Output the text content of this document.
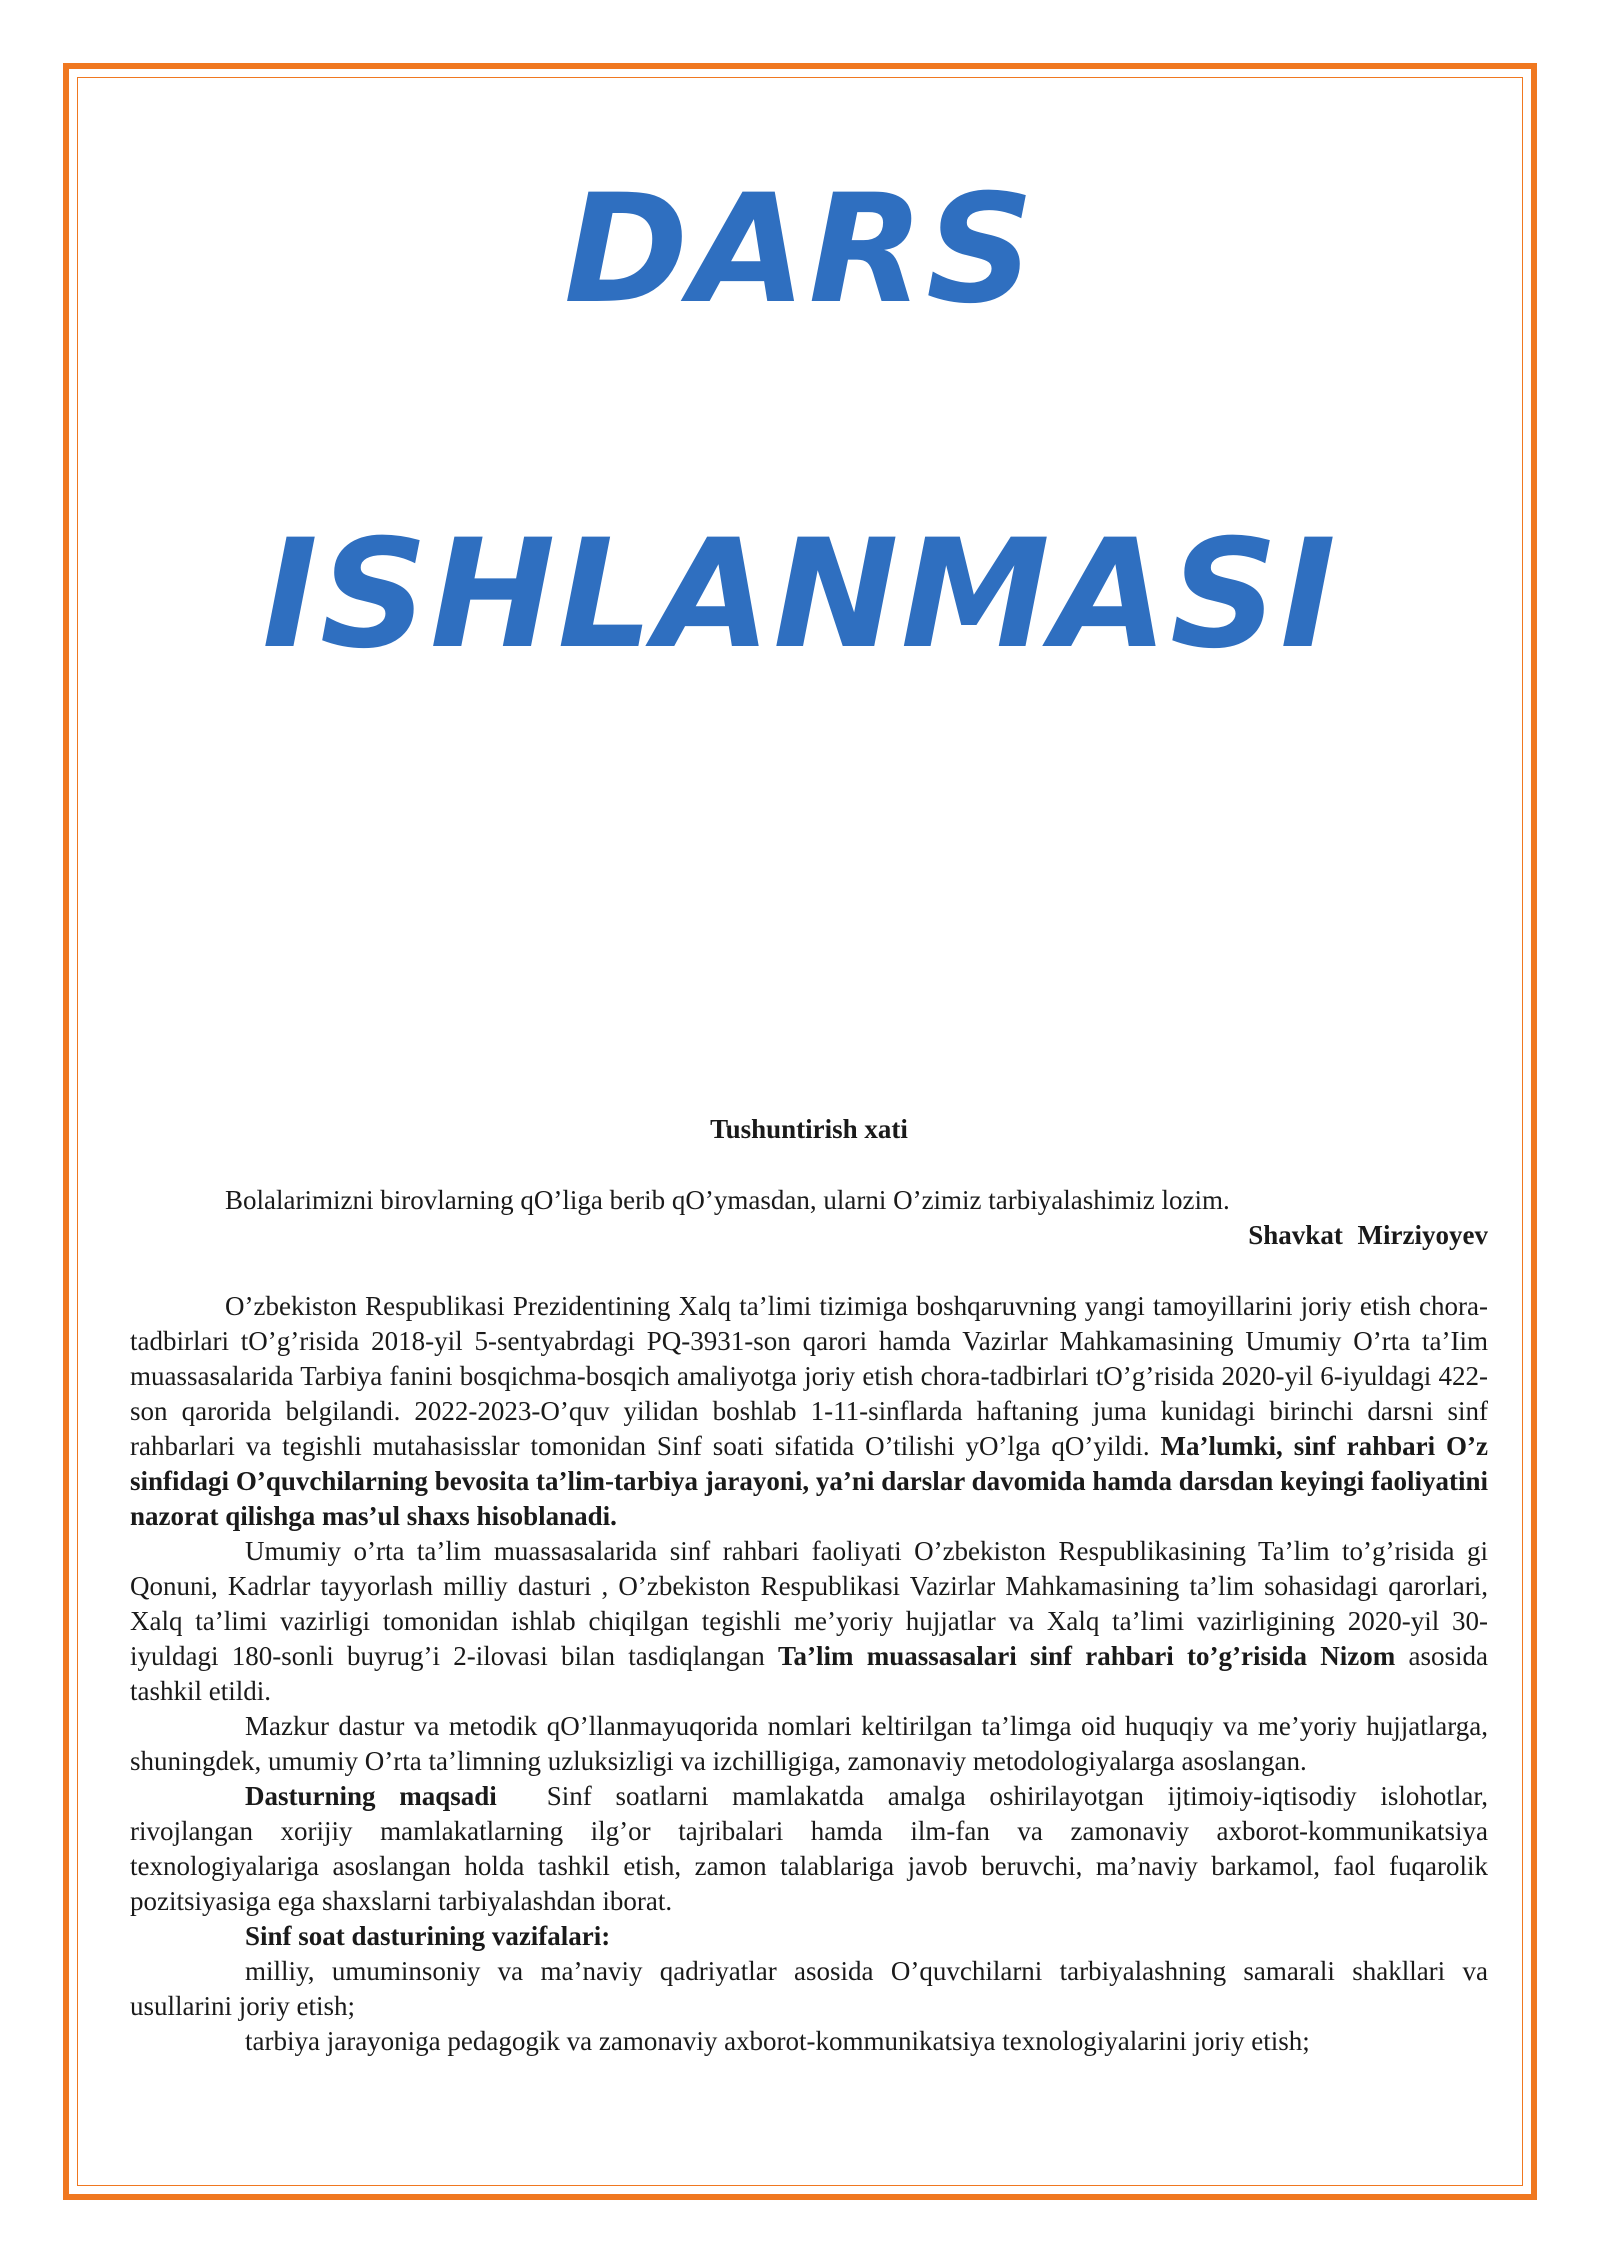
DARS
ISHLANMASI
Tushuntirish xati
Bolalarimizni birovlarning qO’liga berib qO’ymasdan, ularni O’zimiz tarbiyalashimiz lozim.
Shavkat Mirziyoyev

O’zbekiston Respublikasi Prezidentining Xalq ta’limi tizimiga boshqaruvning yangi tamoyillarini joriy etish chora-tadbirlari tO’g’risida 2018-yil 5-sentyabrdagi PQ-3931-son qarori hamda Vazirlar Mahkamasining Umumiy O’rta ta’Iim muassasalarida Tarbiya fanini bosqichma-bosqich amaliyotga joriy etish chora-tadbirlari tO’g’risida 2020-yil 6-iyuldagi 422-son qarorida belgilandi. 2022-2023-O’quv yilidan boshlab 1-11-sinflarda haftaning juma kunidagi birinchi darsni sinf rahbarlari va tegishli mutahasisslar tomonidan Sinf soati sifatida O’tilishi yO’lga qO’yildi. Ma’lumki, sinf rahbari O’z sinfidagi O’quvchilarning bevosita ta’lim-tarbiya jarayoni, ya’ni darslar davomida hamda darsdan keyingi faoliyatini nazorat qilishga mas’ul shaxs hisoblanadi.

Umumiy o’rta ta’lim muassasalarida sinf rahbari faoliyati O’zbekiston Respublikasining Ta’lim to’g’risida gi Qonuni, Kadrlar tayyorlash milliy dasturi , O’zbekiston Respublikasi Vazirlar Mahkamasining ta’lim sohasidagi qarorlari, Xalq ta’limi vazirligi tomonidan ishlab chiqilgan tegishli me’yoriy hujjatlar va Xalq ta’limi vazirligining 2020-yil 30-iyuldagi 180-sonli buyrug’i 2-ilovasi bilan tasdiqlangan Ta’lim muassasalari sinf rahbari to’g’risida Nizom asosida tashkil etildi.

Mazkur dastur va metodik qO’llanmayuqorida nomlari keltirilgan ta’limga oid huquqiy va me’yoriy hujjatlarga, shuningdek, umumiy O’rta ta’limning uzluksizligi va izchilligiga, zamonaviy metodologiyalarga asoslangan.

Dasturning maqsadi Sinf soatlarni mamlakatda amalga oshirilayotgan ijtimoiy-iqtisodiy islohotlar, rivojlangan xorijiy mamlakatlarning ilg’or tajribalari hamda ilm-fan va zamonaviy axborot-kommunikatsiya texnologiyalariga asoslangan holda tashkil etish, zamon talablariga javob beruvchi, ma’naviy barkamol, faol fuqarolik pozitsiyasiga ega shaxslarni tarbiyalashdan iborat.

Sinf soat dasturining vazifalari:

milliy, umuminsoniy va ma’naviy qadriyatlar asosida O’quvchilarni tarbiyalashning samarali shakllari va usullarini joriy etish;

tarbiya jarayoniga pedagogik va zamonaviy axborot-kommunikatsiya texnologiyalarini joriy etish;
